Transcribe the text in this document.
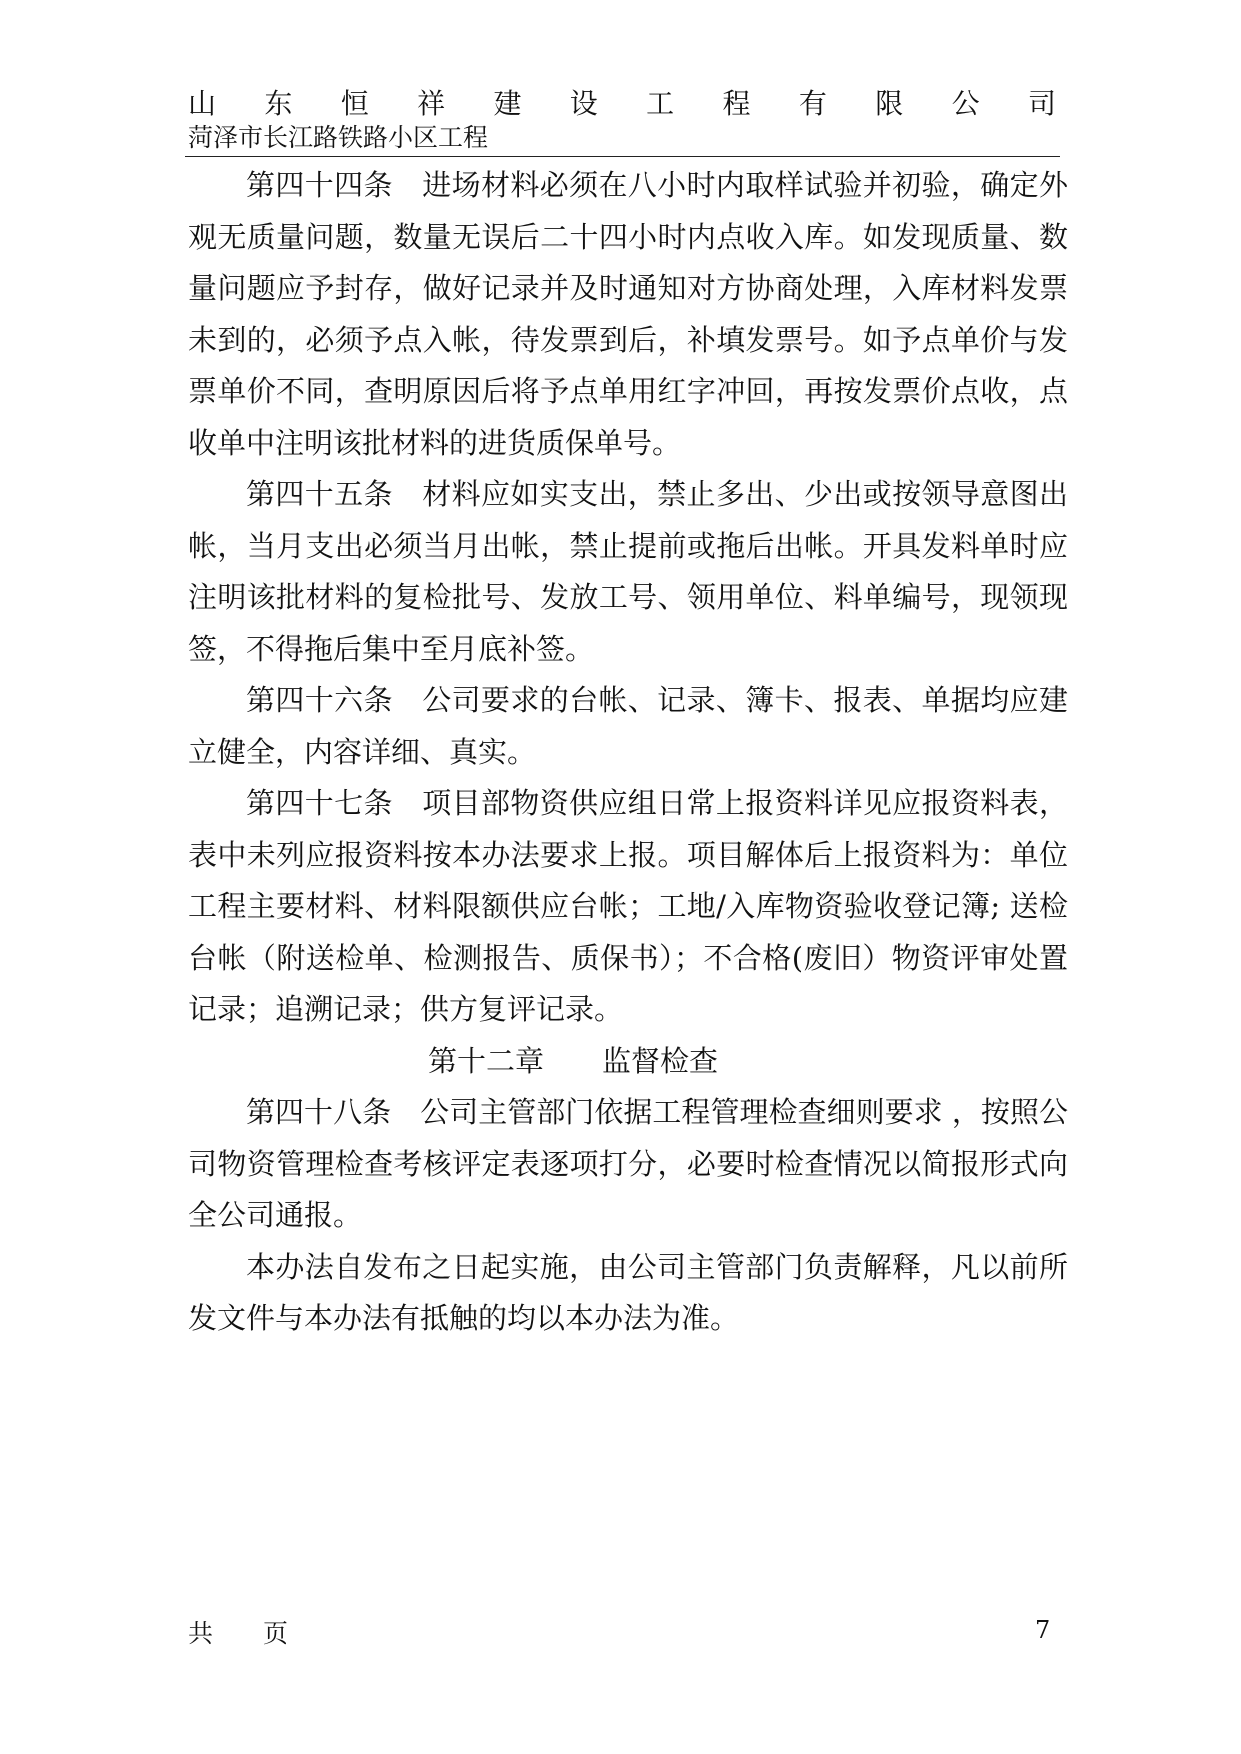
山 东 恒 祥 建 设 工 程 有 限 公 司
菏泽市长江路铁路小区工程

第四十四条　进场材料必须在八小时内取样试验并初验，确定外观无质量问题，数量无误后二十四小时内点收入库。如发现质量、数量问题应予封存，做好记录并及时通知对方协商处理，入库材料发票未到的，必须予点入帐，待发票到后，补填发票号。如予点单价与发票单价不同，查明原因后将予点单用红字冲回，再按发票价点收，点收单中注明该批材料的进货质保单号。

第四十五条　材料应如实支出，禁止多出、少出或按领导意图出帐，当月支出必须当月出帐，禁止提前或拖后出帐。开具发料单时应注明该批材料的复检批号、发放工号、领用单位、料单编号，现领现签，不得拖后集中至月底补签。

第四十六条　公司要求的台帐、记录、簿卡、报表、单据均应建立健全，内容详细、真实。

第四十七条　项目部物资供应组日常上报资料详见应报资料表，表中未列应报资料按本办法要求上报。项目解体后上报资料为：单位工程主要材料、材料限额供应台帐；工地/入库物资验收登记簿; 送检台帐（附送检单、检测报告、质保书）；不合格(废旧）物资评审处置记录；追溯记录；供方复评记录。

第十二章　　监督检查

第四十八条　公司主管部门依据工程管理检查细则要求 ，按照公司物资管理检查考核评定表逐项打分，必要时检查情况以简报形式向全公司通报。

本办法自发布之日起实施，由公司主管部门负责解释，凡以前所发文件与本办法有抵触的均以本办法为准。

共　　页	7
